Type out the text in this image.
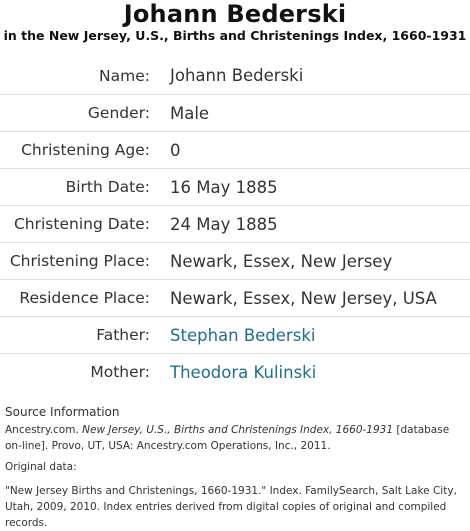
Johann Bederski
in the New Jersey, U.S., Births and Christenings Index, 1660-1931
Name:	Johann Bederski
Gender:	Male
Christening Age:	0
Birth Date:	16 May 1885
Christening Date:	24 May 1885
Christening Place:	Newark, Essex, New Jersey
Residence Place:	Newark, Essex, New Jersey, USA
Father:	Stephan Bederski
Mother:	Theodora Kulinski
Source Information
Ancestry.com. New Jersey, U.S., Births and Christenings Index, 1660-1931 [database on-line]. Provo, UT, USA: Ancestry.com Operations, Inc., 2011.
Original data:
"New Jersey Births and Christenings, 1660-1931." Index. FamilySearch, Salt Lake City, Utah, 2009, 2010. Index entries derived from digital copies of original and compiled records.
